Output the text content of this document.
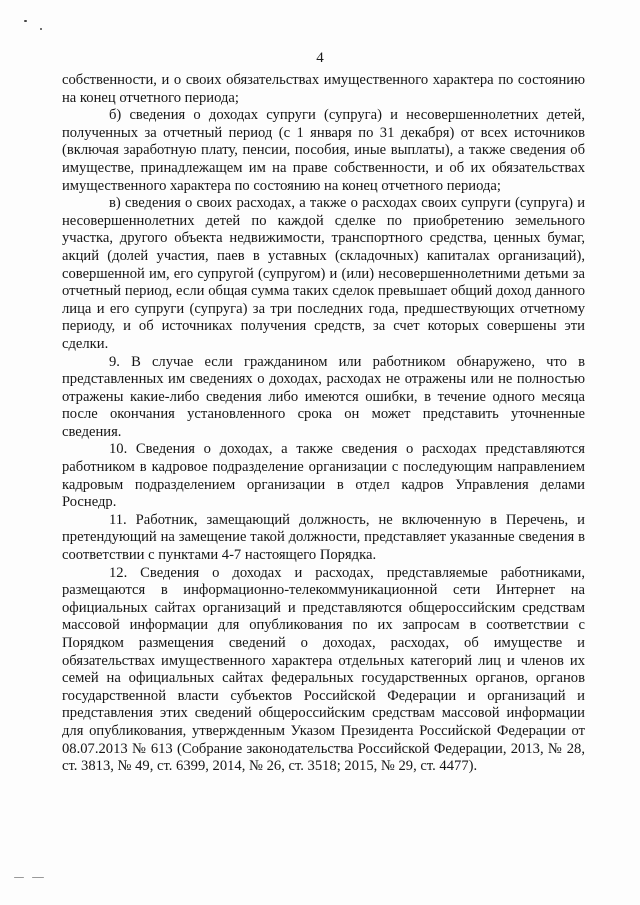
4

собственности, и о своих обязательствах имущественного характера по состоянию на конец отчетного периода;

б) сведения о доходах супруги (супруга) и несовершеннолетних детей, полученных за отчетный период (с 1 января по 31 декабря) от всех источников (включая заработную плату, пенсии, пособия, иные выплаты), а также сведения об имуществе, принадлежащем им на праве собственности, и об их обязательствах имущественного характера по состоянию на конец отчетного периода;

в) сведения о своих расходах, а также о расходах своих супруги (супруга) и несовершеннолетних детей по каждой сделке по приобретению земельного участка, другого объекта недвижимости, транспортного средства, ценных бумаг, акций (долей участия, паев в уставных (складочных) капиталах организаций), совершенной им, его супругой (супругом) и (или) несовершеннолетними детьми за отчетный период, если общая сумма таких сделок превышает общий доход данного лица и его супруги (супруга) за три последних года, предшествующих отчетному периоду, и об источниках получения средств, за счет которых совершены эти сделки.

9. В случае если гражданином или работником обнаружено, что в представленных им сведениях о доходах, расходах не отражены или не полностью отражены какие-либо сведения либо имеются ошибки, в течение одного месяца после окончания установленного срока он может представить уточненные сведения.

10. Сведения о доходах, а также сведения о расходах представляются работником в кадровое подразделение организации с последующим направлением кадровым подразделением организации в отдел кадров Управления делами Роснедр.

11. Работник, замещающий должность, не включенную в Перечень, и претендующий на замещение такой должности, представляет указанные сведения в соответствии с пунктами 4-7 настоящего Порядка.

12. Сведения о доходах и расходах, представляемые работниками, размещаются в информационно-телекоммуникационной сети Интернет на официальных сайтах организаций и представляются общероссийским средствам массовой информации для опубликования по их запросам в соответствии с Порядком размещения сведений о доходах, расходах, об имуществе и обязательствах имущественного характера отдельных категорий лиц и членов их семей на официальных сайтах федеральных государственных органов, органов государственной власти субъектов Российской Федерации и организаций и представления этих сведений общероссийским средствам массовой информации для опубликования, утвержденным Указом Президента Российской Федерации от 08.07.2013 № 613 (Собрание законодательства Российской Федерации, 2013, № 28, ст. 3813, № 49, ст. 6399, 2014, № 26, ст. 3518; 2015, № 29, ст. 4477).
